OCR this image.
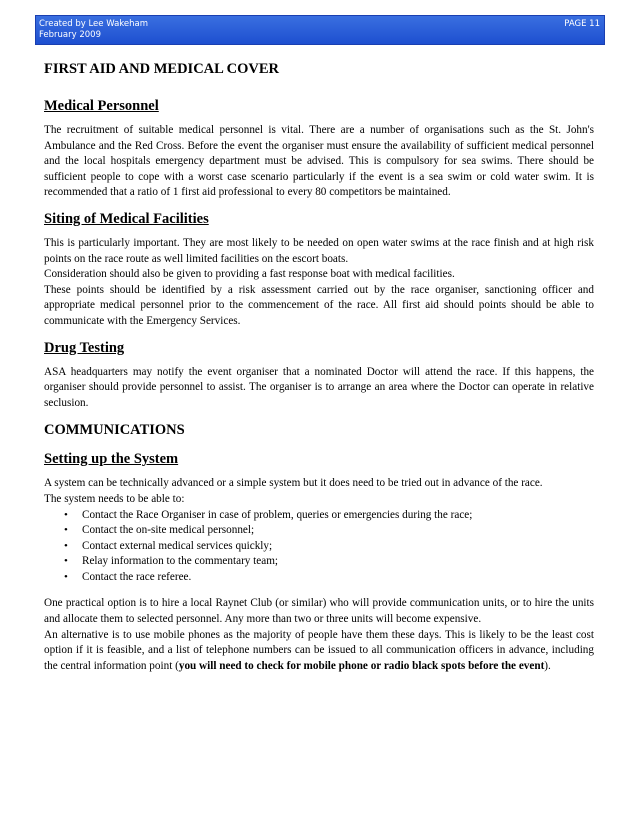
Created by Lee Wakeham
February 2009
PAGE 11
FIRST AID AND MEDICAL COVER
Medical Personnel

The recruitment of suitable medical personnel is vital. There are a number of organisations such as the St. John's Ambulance and the Red Cross. Before the event the organiser must ensure the availability of sufficient medical personnel and the local hospitals emergency department must be advised. This is compulsory for sea swims. There should be sufficient people to cope with a worst case scenario particularly if the event is a sea swim or cold water swim. It is recommended that a ratio of 1 first aid professional to every 80 competitors be maintained.

Siting of Medical Facilities

This is particularly important. They are most likely to be needed on open water swims at the race finish and at high risk points on the race route as well limited facilities on the escort boats.

Consideration should also be given to providing a fast response boat with medical facilities.

These points should be identified by a risk assessment carried out by the race organiser, sanctioning officer and appropriate medical personnel prior to the commencement of the race. All first aid should points should be able to communicate with the Emergency Services.

Drug Testing

ASA headquarters may notify the event organiser that a nominated Doctor will attend the race. If this happens, the organiser should provide personnel to assist. The organiser is to arrange an area where the Doctor can operate in relative seclusion.

COMMUNICATIONS
Setting up the System

A system can be technically advanced or a simple system but it does need to be tried out in advance of the race.

The system needs to be able to:

• Contact the Race Organiser in case of problem, queries or emergencies during the race;
• Contact the on-site medical personnel;
• Contact external medical services quickly;
• Relay information to the commentary team;
• Contact the race referee.

One practical option is to hire a local Raynet Club (or similar) who will provide communication units, or to hire the units and allocate them to selected personnel. Any more than two or three units will become expensive.

An alternative is to use mobile phones as the majority of people have them these days. This is likely to be the least cost option if it is feasible, and a list of telephone numbers can be issued to all communication officers in advance, including the central information point (you will need to check for mobile phone or radio black spots before the event).
